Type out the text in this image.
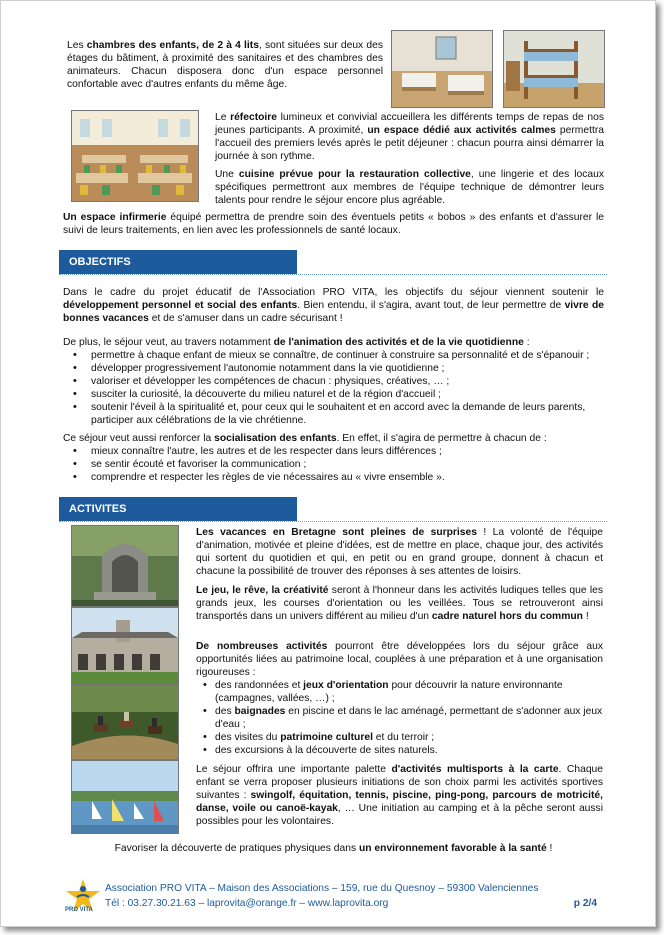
Les chambres des enfants, de 2 à 4 lits, sont situées sur deux des étages du bâtiment, à proximité des sanitaires et des chambres des animateurs. Chacun disposera donc d'un espace personnel confortable avec d'autres enfants du même âge.

Le réfectoire lumineux et convivial accueillera les différents temps de repas de nos jeunes participants. A proximité, un espace dédié aux activités calmes permettra l'accueil des premiers levés après le petit déjeuner : chacun pourra ainsi démarrer la journée à son rythme.

Une cuisine prévue pour la restauration collective, une lingerie et des locaux spécifiques permettront aux membres de l'équipe technique de démontrer leurs talents pour rendre le séjour encore plus agréable.

Un espace infirmerie équipé permettra de prendre soin des éventuels petits « bobos » des enfants et d'assurer le suivi de leurs traitements, en lien avec les professionnels de santé locaux.

OBJECTIFS

Dans le cadre du projet éducatif de l'Association PRO VITA, les objectifs du séjour viennent soutenir le développement personnel et social des enfants. Bien entendu, il s'agira, avant tout, de leur permettre de vivre de bonnes vacances et de s'amuser dans un cadre sécurisant !

De plus, le séjour veut, au travers notamment de l'animation des activités et de la vie quotidienne :

• permettre à chaque enfant de mieux se connaître, de continuer à construire sa personnalité et de s'épanouir ;
• développer progressivement l'autonomie notamment dans la vie quotidienne ;
• valoriser et développer les compétences de chacun : physiques, créatives, … ;
• susciter la curiosité, la découverte du milieu naturel et de la région d'accueil ;
• soutenir l'éveil à la spiritualité et, pour ceux qui le souhaitent et en accord avec la demande de leurs parents, participer aux célébrations de la vie chrétienne.

Ce séjour veut aussi renforcer la socialisation des enfants. En effet, il s'agira de permettre à chacun de :

• mieux connaître l'autre, les autres et de les respecter dans leurs différences ;
• se sentir écouté et favoriser la communication ;
• comprendre et respecter les règles de vie nécessaires au « vivre ensemble ».
ACTIVITES

Les vacances en Bretagne sont pleines de surprises ! La volonté de l'équipe d'animation, motivée et pleine d'idées, est de mettre en place, chaque jour, des activités qui sortent du quotidien et qui, en petit ou en grand groupe, donnent à chacun et chacune la possibilité de trouver des réponses à ses attentes de loisirs.

Le jeu, le rêve, la créativité seront à l'honneur dans les activités ludiques telles que les grands jeux, les courses d'orientation ou les veillées. Tous se retrouveront ainsi transportés dans un univers différent au milieu d'un cadre naturel hors du commun !

De nombreuses activités pourront être développées lors du séjour grâce aux opportunités liées au patrimoine local, couplées à une préparation et à une organisation rigoureuses :

• des randonnées et jeux d'orientation pour découvrir la nature environnante (campagnes, vallées, …) ;
• des baignades en piscine et dans le lac aménagé, permettant de s'adonner aux jeux d'eau ;
• des visites du patrimoine culturel et du terroir ;
• des excursions à la découverte de sites naturels.

Le séjour offrira une importante palette d'activités multisports à la carte. Chaque enfant se verra proposer plusieurs initiations de son choix parmi les activités sportives suivantes : swingolf, équitation, tennis, piscine, ping-pong, parcours de motricité, danse, voile ou canoë-kayak, … Une initiation au camping et à la pêche seront aussi possibles pour les volontaires.

Favoriser la découverte de pratiques physiques dans un environnement favorable à la santé !

PRO VITA
Association PRO VITA – Maison des Associations – 159, rue du Quesnoy – 59300 Valenciennes
Tél : 03.27.30.21.63 – laprovita@orange.fr – www.laprovita.org	p 2/4
